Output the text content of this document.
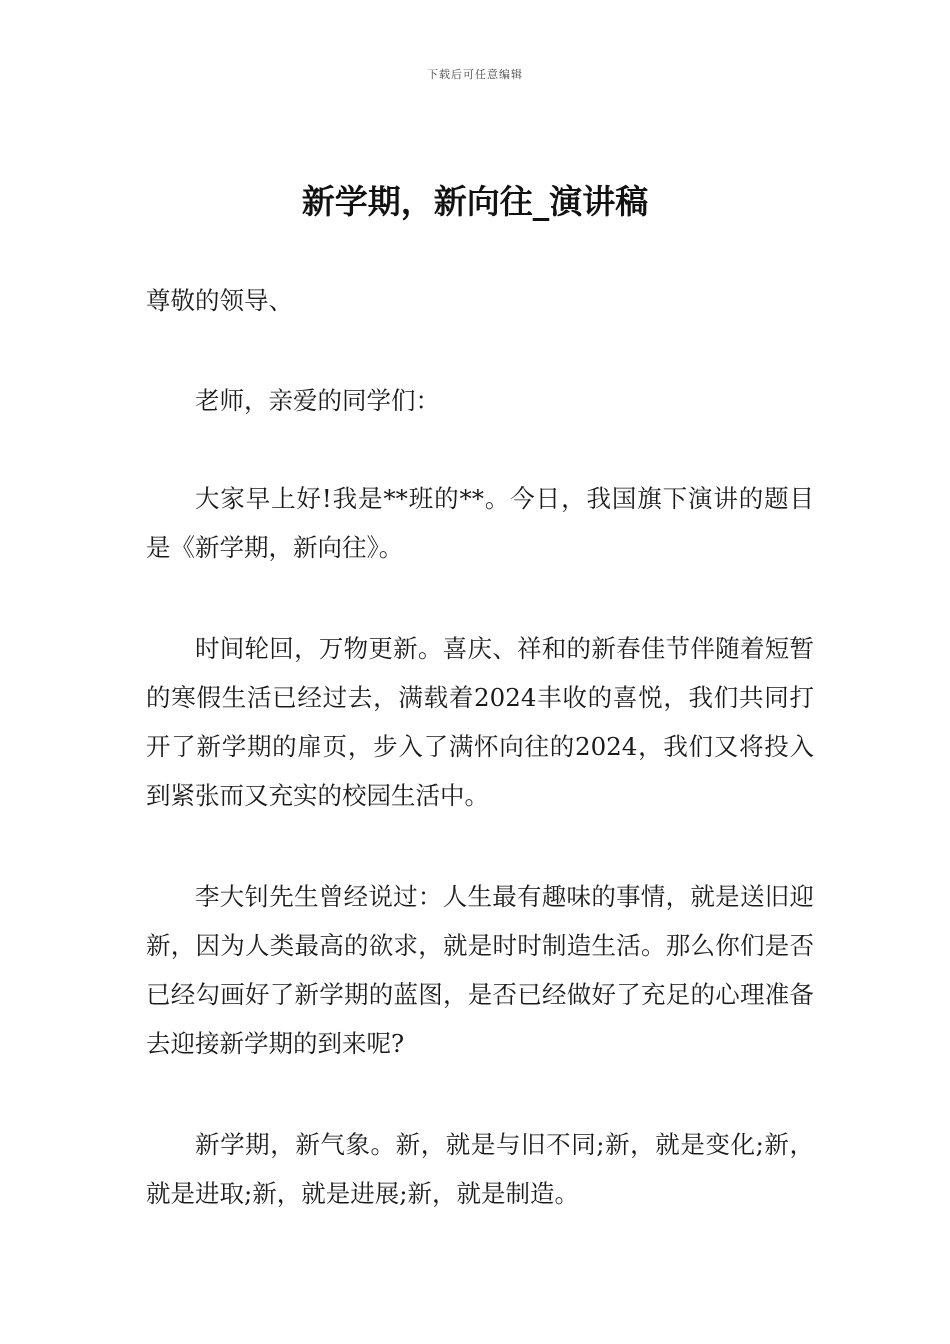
下载后可任意编辑
新学期，新向往_演讲稿
尊敬的领导、
老师，亲爱的同学们：
大家早上好!我是**班的**。今日，我国旗下演讲的题目是《新学期，新向往》。
时间轮回，万物更新。喜庆、祥和的新春佳节伴随着短暂的寒假生活已经过去，满载着2024丰收的喜悦，我们共同打开了新学期的扉页，步入了满怀向往的2024，我们又将投入到紧张而又充实的校园生活中。
李大钊先生曾经说过：人生最有趣味的事情，就是送旧迎新，因为人类最高的欲求，就是时时制造生活。那么你们是否已经勾画好了新学期的蓝图，是否已经做好了充足的心理准备去迎接新学期的到来呢?
新学期，新气象。新，就是与旧不同;新，就是变化;新，就是进取;新，就是进展;新，就是制造。
